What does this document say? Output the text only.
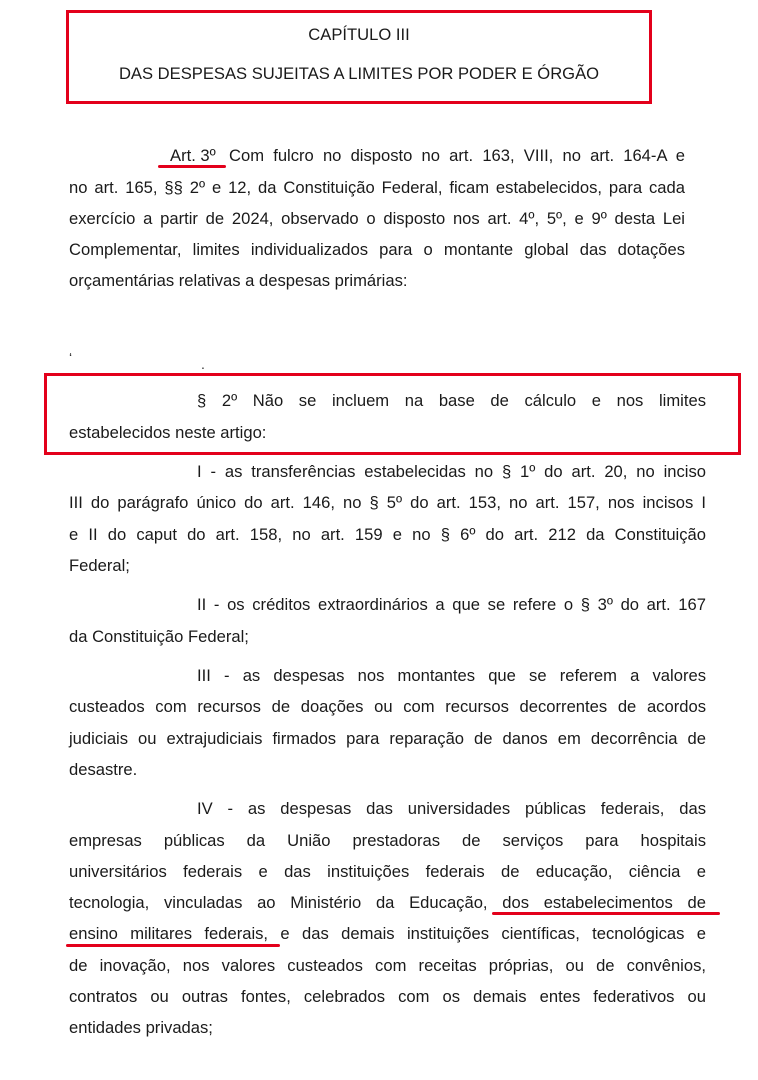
CAPÍTULO III
DAS DESPESAS SUJEITAS A LIMITES POR PODER E ÓRGÃO
Art. 3º Com fulcro no disposto no art. 163, VIII, no art. 164-A e
no art. 165, §§ 2º e 12, da Constituição Federal, ficam estabelecidos, para cada
exercício a partir de 2024, observado o disposto nos art. 4º, 5º, e 9º desta Lei
Complementar, limites individualizados para o montante global das dotações
orçamentárias relativas a despesas primárias:
ʻ	.
§ 2º Não se incluem na base de cálculo e nos limites
estabelecidos neste artigo:
I - as transferências estabelecidas no § 1º do art. 20, no inciso
III do parágrafo único do art. 146, no § 5º do art. 153, no art. 157, nos incisos I
e II do caput do art. 158, no art. 159 e no § 6º do art. 212 da Constituição
Federal;
II - os créditos extraordinários a que se refere o § 3º do art. 167
da Constituição Federal;
III - as despesas nos montantes que se referem a valores
custeados com recursos de doações ou com recursos decorrentes de acordos
judiciais ou extrajudiciais firmados para reparação de danos em decorrência de
desastre.
IV - as despesas das universidades públicas federais, das
empresas públicas da União prestadoras de serviços para hospitais
universitários federais e das instituições federais de educação, ciência e
tecnologia, vinculadas ao Ministério da Educação, dos estabelecimentos de
ensino militares federais, e das demais instituições científicas, tecnológicas e
de inovação, nos valores custeados com receitas próprias, ou de convênios,
contratos ou outras fontes, celebrados com os demais entes federativos ou
entidades privadas;
